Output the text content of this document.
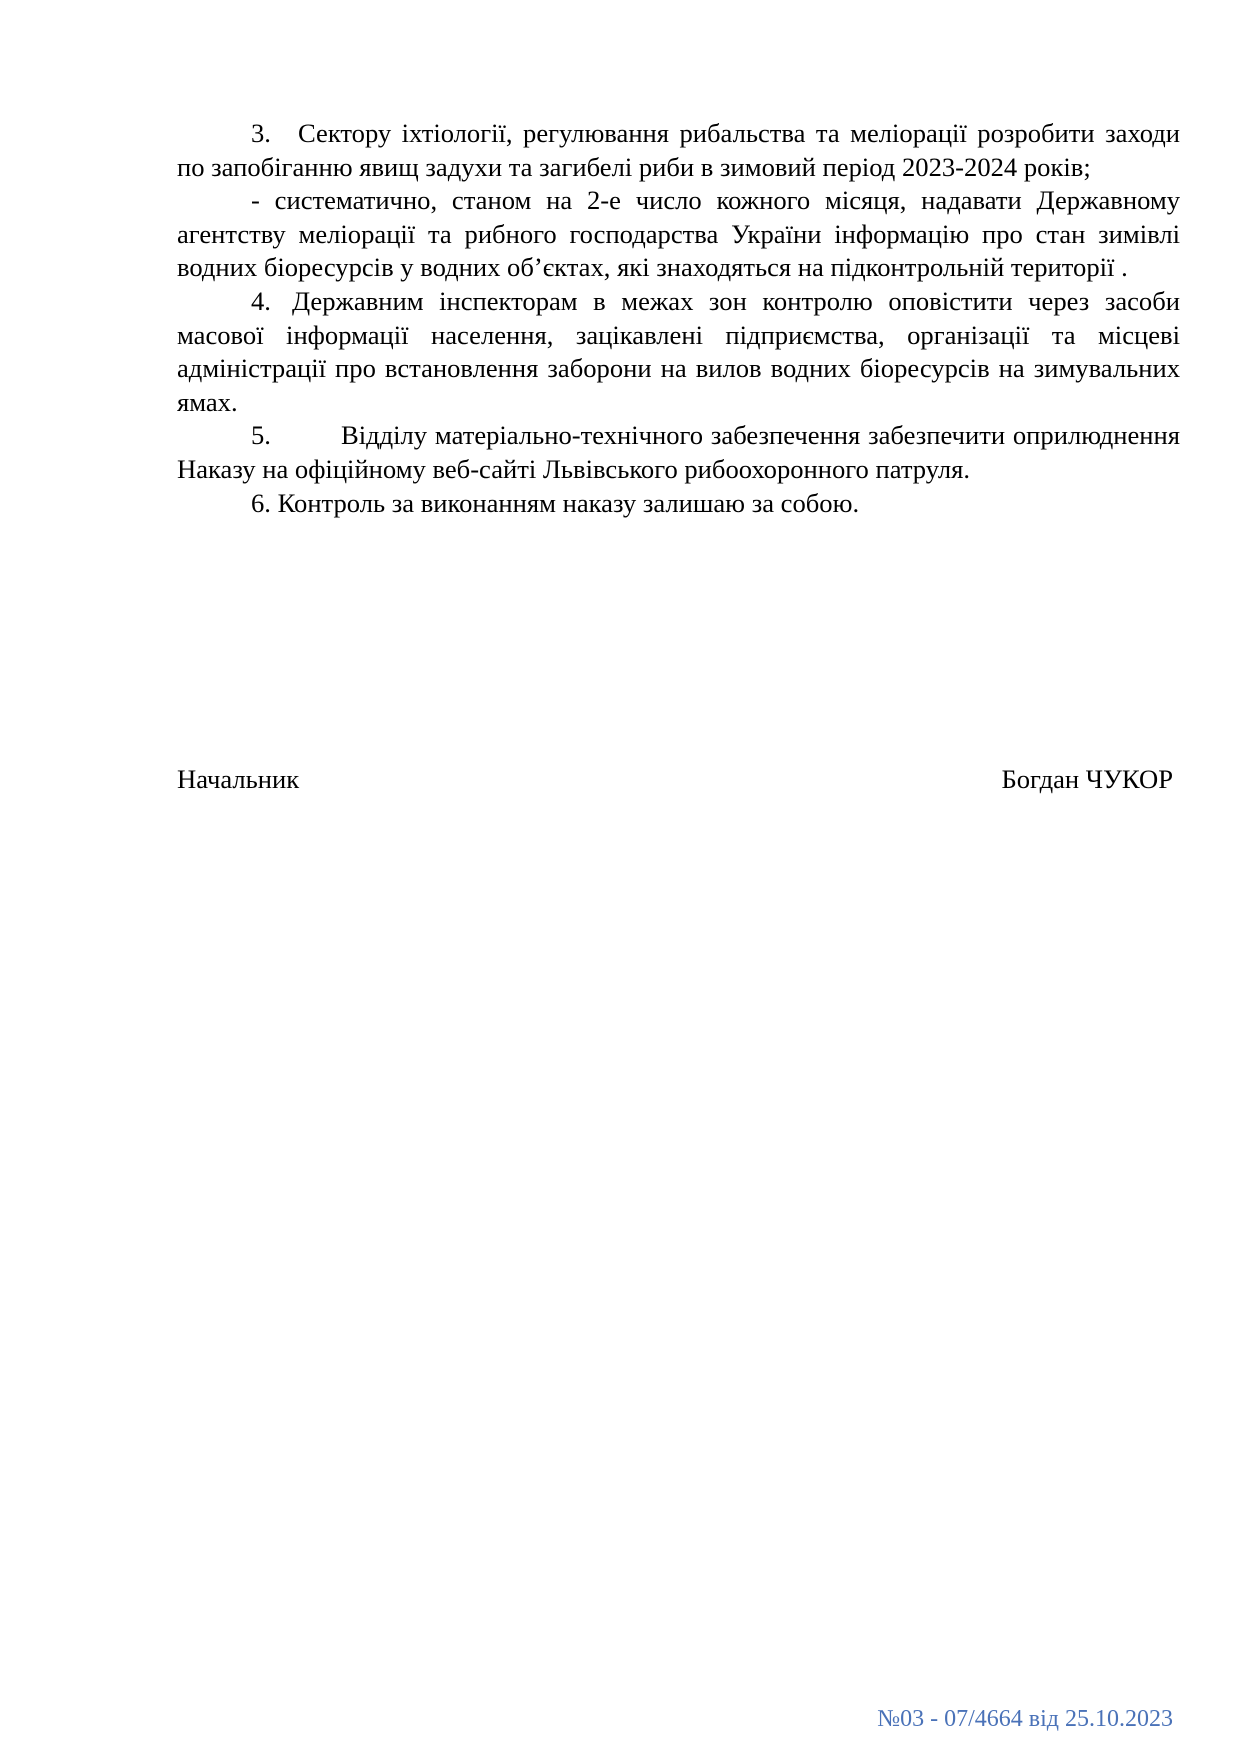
3. Сектору іхтіології, регулювання рибальства та меліорації розробити заходи по запобіганню явищ задухи та загибелі риби в зимовий період 2023-2024 років;

- систематично, станом на 2-е число кожного місяця, надавати Державному агентству меліорації та рибного господарства України інформацію про стан зимівлі водних біоресурсів у водних об’єктах, які знаходяться на підконтрольній території .

4. Державним інспекторам в межах зон контролю оповістити через засоби масової інформації населення, зацікавлені підприємства, організації та місцеві адміністрації про встановлення заборони на вилов водних біоресурсів на зимувальних ямах.

5.	Відділу матеріально-технічного забезпечення забезпечити оприлюднення Наказу на офіційному веб-сайті Львівського рибоохоронного патруля.

6. Контроль за виконанням наказу залишаю за собою.

Начальник	Богдан ЧУКОР
№03 - 07/4664 від 25.10.2023
